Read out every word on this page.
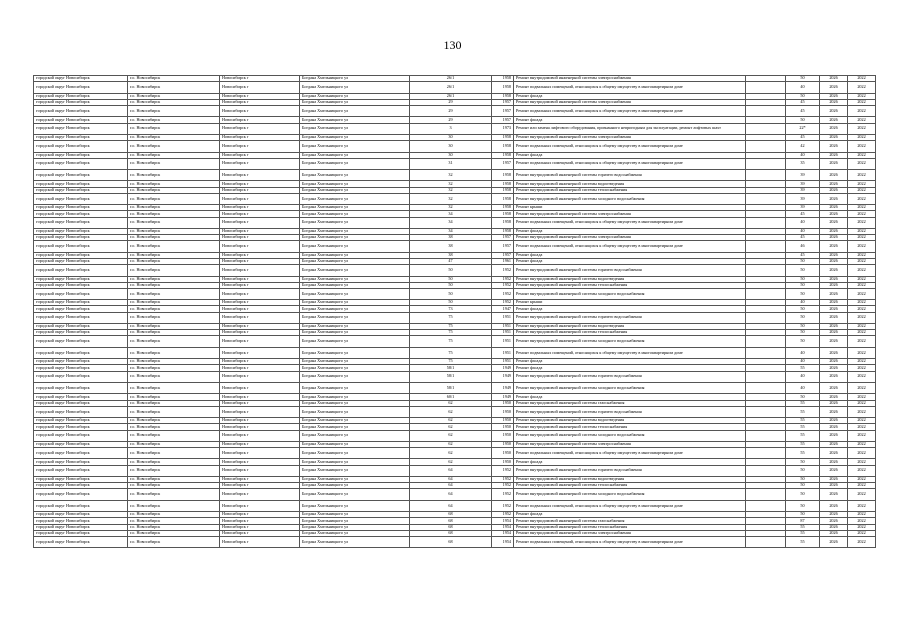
130
городской округ Новосибирск	г.о. Новосибирск	Новосибирск г	Богдана Хмельницкого ул	26/1	1958	Ремонт внутридомовой инженерной системы электроснабжения		50	2026	2022
городской округ Новосибирск	г.о. Новосибирск	Новосибирск г	Богдана Хмельницкого ул	26/1	1958	Ремонт подвальных помещений, относящихся к общему имуществу в многоквартирном доме		40	2026	2022
городской округ Новосибирск	г.о. Новосибирск	Новосибирск г	Богдана Хмельницкого ул	26/1	1958	Ремонт фасада		50	2026	2022
городской округ Новосибирск	г.о. Новосибирск	Новосибирск г	Богдана Хмельницкого ул	29	1957	Ремонт внутридомовой инженерной системы электроснабжения		45	2026	2022
городской округ Новосибирск	г.о. Новосибирск	Новосибирск г	Богдана Хмельницкого ул	29	1957	Ремонт подвальных помещений, относящихся к общему имуществу в многоквартирном доме		45	2026	2022
городской округ Новосибирск	г.о. Новосибирск	Новосибирск г	Богдана Хмельницкого ул	29	1957	Ремонт фасада		50	2026	2022
городской округ Новосибирск	г.о. Новосибирск	Новосибирск г	Богдана Хмельницкого ул	3	1973	Ремонт или замена лифтового оборудования, признанного непригодным для эксплуатации, ремонт лифтовых шахт		22*	2026	2022
городской округ Новосибирск	г.о. Новосибирск	Новосибирск г	Богдана Хмельницкого ул	30	1958	Ремонт внутридомовой инженерной системы электроснабжения		45	2026	2022
городской округ Новосибирск	г.о. Новосибирск	Новосибирск г	Богдана Хмельницкого ул	30	1958	Ремонт подвальных помещений, относящихся к общему имуществу в многоквартирном доме		42	2026	2022
городской округ Новосибирск	г.о. Новосибирск	Новосибирск г	Богдана Хмельницкого ул	30	1958	Ремонт фасада		40	2026	2022
городской округ Новосибирск	г.о. Новосибирск	Новосибирск г	Богдана Хмельницкого ул	31	1957	Ремонт подвальных помещений, относящихся к общему имуществу в многоквартирном доме		35	2026	2022
городской округ Новосибирск	г.о. Новосибирск	Новосибирск г	Богдана Хмельницкого ул	32	1958	Ремонт внутридомовой инженерной системы горячего водоснабжения		39	2026	2022
городской округ Новосибирск	г.о. Новосибирск	Новосибирск г	Богдана Хмельницкого ул	32	1958	Ремонт внутридомовой инженерной системы водоотведения		39	2026	2022
городской округ Новосибирск	г.о. Новосибирск	Новосибирск г	Богдана Хмельницкого ул	32	1958	Ремонт внутридомовой инженерной системы теплоснабжения		39	2026	2022
городской округ Новосибирск	г.о. Новосибирск	Новосибирск г	Богдана Хмельницкого ул	32	1958	Ремонт внутридомовой инженерной системы холодного водоснабжения		39	2026	2022
городской округ Новосибирск	г.о. Новосибирск	Новосибирск г	Богдана Хмельницкого ул	32	1958	Ремонт крыши		39	2026	2022
городской округ Новосибирск	г.о. Новосибирск	Новосибирск г	Богдана Хмельницкого ул	34	1958	Ремонт внутридомовой инженерной системы электроснабжения		45	2026	2022
городской округ Новосибирск	г.о. Новосибирск	Новосибирск г	Богдана Хмельницкого ул	34	1958	Ремонт подвальных помещений, относящихся к общему имуществу в многоквартирном доме		40	2026	2022
городской округ Новосибирск	г.о. Новосибирск	Новосибирск г	Богдана Хмельницкого ул	34	1958	Ремонт фасада		40	2026	2022
городской округ Новосибирск	г.о. Новосибирск	Новосибирск г	Богдана Хмельницкого ул	38	1957	Ремонт внутридомовой инженерной системы электроснабжения		45	2026	2022
городской округ Новосибирск	г.о. Новосибирск	Новосибирск г	Богдана Хмельницкого ул	38	1957	Ремонт подвальных помещений, относящихся к общему имуществу в многоквартирном доме		46	2026	2022
городской округ Новосибирск	г.о. Новосибирск	Новосибирск г	Богдана Хмельницкого ул	38	1957	Ремонт фасада		45	2026	2022
городской округ Новосибирск	г.о. Новосибирск	Новосибирск г	Богдана Хмельницкого ул	47	1961	Ремонт фасада		50	2026	2022
городской округ Новосибирск	г.о. Новосибирск	Новосибирск г	Богдана Хмельницкого ул	50	1952	Ремонт внутридомовой инженерной системы горячего водоснабжения		50	2026	2022
городской округ Новосибирск	г.о. Новосибирск	Новосибирск г	Богдана Хмельницкого ул	50	1952	Ремонт внутридомовой инженерной системы водоотведения		50	2026	2022
городской округ Новосибирск	г.о. Новосибирск	Новосибирск г	Богдана Хмельницкого ул	50	1952	Ремонт внутридомовой инженерной системы теплоснабжения		50	2026	2022
городской округ Новосибирск	г.о. Новосибирск	Новосибирск г	Богдана Хмельницкого ул	50	1952	Ремонт внутридомовой инженерной системы холодного водоснабжения		50	2026	2022
городской округ Новосибирск	г.о. Новосибирск	Новосибирск г	Богдана Хмельницкого ул	50	1952	Ремонт крыши		40	2026	2022
городской округ Новосибирск	г.о. Новосибирск	Новосибирск г	Богдана Хмельницкого ул	73	1947	Ремонт фасада		50	2026	2022
городской округ Новосибирск	г.о. Новосибирск	Новосибирск г	Богдана Хмельницкого ул	75	1951	Ремонт внутридомовой инженерной системы горячего водоснабжения		50	2026	2022
городской округ Новосибирск	г.о. Новосибирск	Новосибирск г	Богдана Хмельницкого ул	75	1951	Ремонт внутридомовой инженерной системы водоотведения		50	2026	2022
городской округ Новосибирск	г.о. Новосибирск	Новосибирск г	Богдана Хмельницкого ул	75	1951	Ремонт внутридомовой инженерной системы теплоснабжения		50	2026	2022
городской округ Новосибирск	г.о. Новосибирск	Новосибирск г	Богдана Хмельницкого ул	75	1951	Ремонт внутридомовой инженерной системы холодного водоснабжения		50	2026	2022
городской округ Новосибирск	г.о. Новосибирск	Новосибирск г	Богдана Хмельницкого ул	75	1951	Ремонт подвальных помещений, относящихся к общему имуществу в многоквартирном доме		40	2026	2022
городской округ Новосибирск	г.о. Новосибирск	Новосибирск г	Богдана Хмельницкого ул	75	1951	Ремонт фасада		40	2026	2022
городской округ Новосибирск	г.о. Новосибирск	Новосибирск г	Богдана Хмельницкого ул	58/1	1949	Ремонт фасада		55	2026	2022
городской округ Новосибирск	г.о. Новосибирск	Новосибирск г	Богдана Хмельницкого ул	58/1	1949	Ремонт внутридомовой инженерной системы горячего водоснабжения		40	2026	2022
городской округ Новосибирск	г.о. Новосибирск	Новосибирск г	Богдана Хмельницкого ул	58/1	1949	Ремонт внутридомовой инженерной системы холодного водоснабжения		40	2026	2022
городской округ Новосибирск	г.о. Новосибирск	Новосибирск г	Богдана Хмельницкого ул	60/1	1949	Ремонт фасада		50	2026	2022
городской округ Новосибирск	г.о. Новосибирск	Новосибирск г	Богдана Хмельницкого ул	62	1950	Ремонт внутридомовой инженерной системы газоснабжения		55	2026	2022
городской округ Новосибирск	г.о. Новосибирск	Новосибирск г	Богдана Хмельницкого ул	62	1950	Ремонт внутридомовой инженерной системы горячего водоснабжения		55	2026	2022
городской округ Новосибирск	г.о. Новосибирск	Новосибирск г	Богдана Хмельницкого ул	62	1950	Ремонт внутридомовой инженерной системы водоотведения		55	2026	2022
городской округ Новосибирск	г.о. Новосибирск	Новосибирск г	Богдана Хмельницкого ул	62	1950	Ремонт внутридомовой инженерной системы теплоснабжения		55	2026	2022
городской округ Новосибирск	г.о. Новосибирск	Новосибирск г	Богдана Хмельницкого ул	62	1950	Ремонт внутридомовой инженерной системы холодного водоснабжения		55	2026	2022
городской округ Новосибирск	г.о. Новосибирск	Новосибирск г	Богдана Хмельницкого ул	62	1950	Ремонт внутридомовой инженерной системы электроснабжения		55	2026	2022
городской округ Новосибирск	г.о. Новосибирск	Новосибирск г	Богдана Хмельницкого ул	62	1950	Ремонт подвальных помещений, относящихся к общему имуществу в многоквартирном доме		55	2026	2022
городской округ Новосибирск	г.о. Новосибирск	Новосибирск г	Богдана Хмельницкого ул	62	1950	Ремонт фасада		50	2026	2022
городской округ Новосибирск	г.о. Новосибирск	Новосибирск г	Богдана Хмельницкого ул	64	1952	Ремонт внутридомовой инженерной системы горячего водоснабжения		50	2026	2022
городской округ Новосибирск	г.о. Новосибирск	Новосибирск г	Богдана Хмельницкого ул	64	1952	Ремонт внутридомовой инженерной системы водоотведения		50	2026	2022
городской округ Новосибирск	г.о. Новосибирск	Новосибирск г	Богдана Хмельницкого ул	64	1952	Ремонт внутридомовой инженерной системы теплоснабжения		50	2026	2022
городской округ Новосибирск	г.о. Новосибирск	Новосибирск г	Богдана Хмельницкого ул	64	1952	Ремонт внутридомовой инженерной системы холодного водоснабжения		50	2026	2022
городской округ Новосибирск	г.о. Новосибирск	Новосибирск г	Богдана Хмельницкого ул	64	1952	Ремонт подвальных помещений, относящихся к общему имуществу в многоквартирном доме		50	2026	2022
городской округ Новосибирск	г.о. Новосибирск	Новосибирск г	Богдана Хмельницкого ул	68	1952	Ремонт фасада		50	2026	2022
городской округ Новосибирск	г.о. Новосибирск	Новосибирск г	Богдана Хмельницкого ул	68	1954	Ремонт внутридомовой инженерной системы газоснабжения		87	2026	2022
городской округ Новосибирск	г.о. Новосибирск	Новосибирск г	Богдана Хмельницкого ул	68	1954	Ремонт внутридомовой инженерной системы теплоснабжения		55	2026	2022
городской округ Новосибирск	г.о. Новосибирск	Новосибирск г	Богдана Хмельницкого ул	68	1954	Ремонт внутридомовой инженерной системы электроснабжения		55	2026	2022
городской округ Новосибирск	г.о. Новосибирск	Новосибирск г	Богдана Хмельницкого ул	68	1954	Ремонт подвальных помещений, относящихся к общему имуществу в многоквартирном доме		55	2026	2022
